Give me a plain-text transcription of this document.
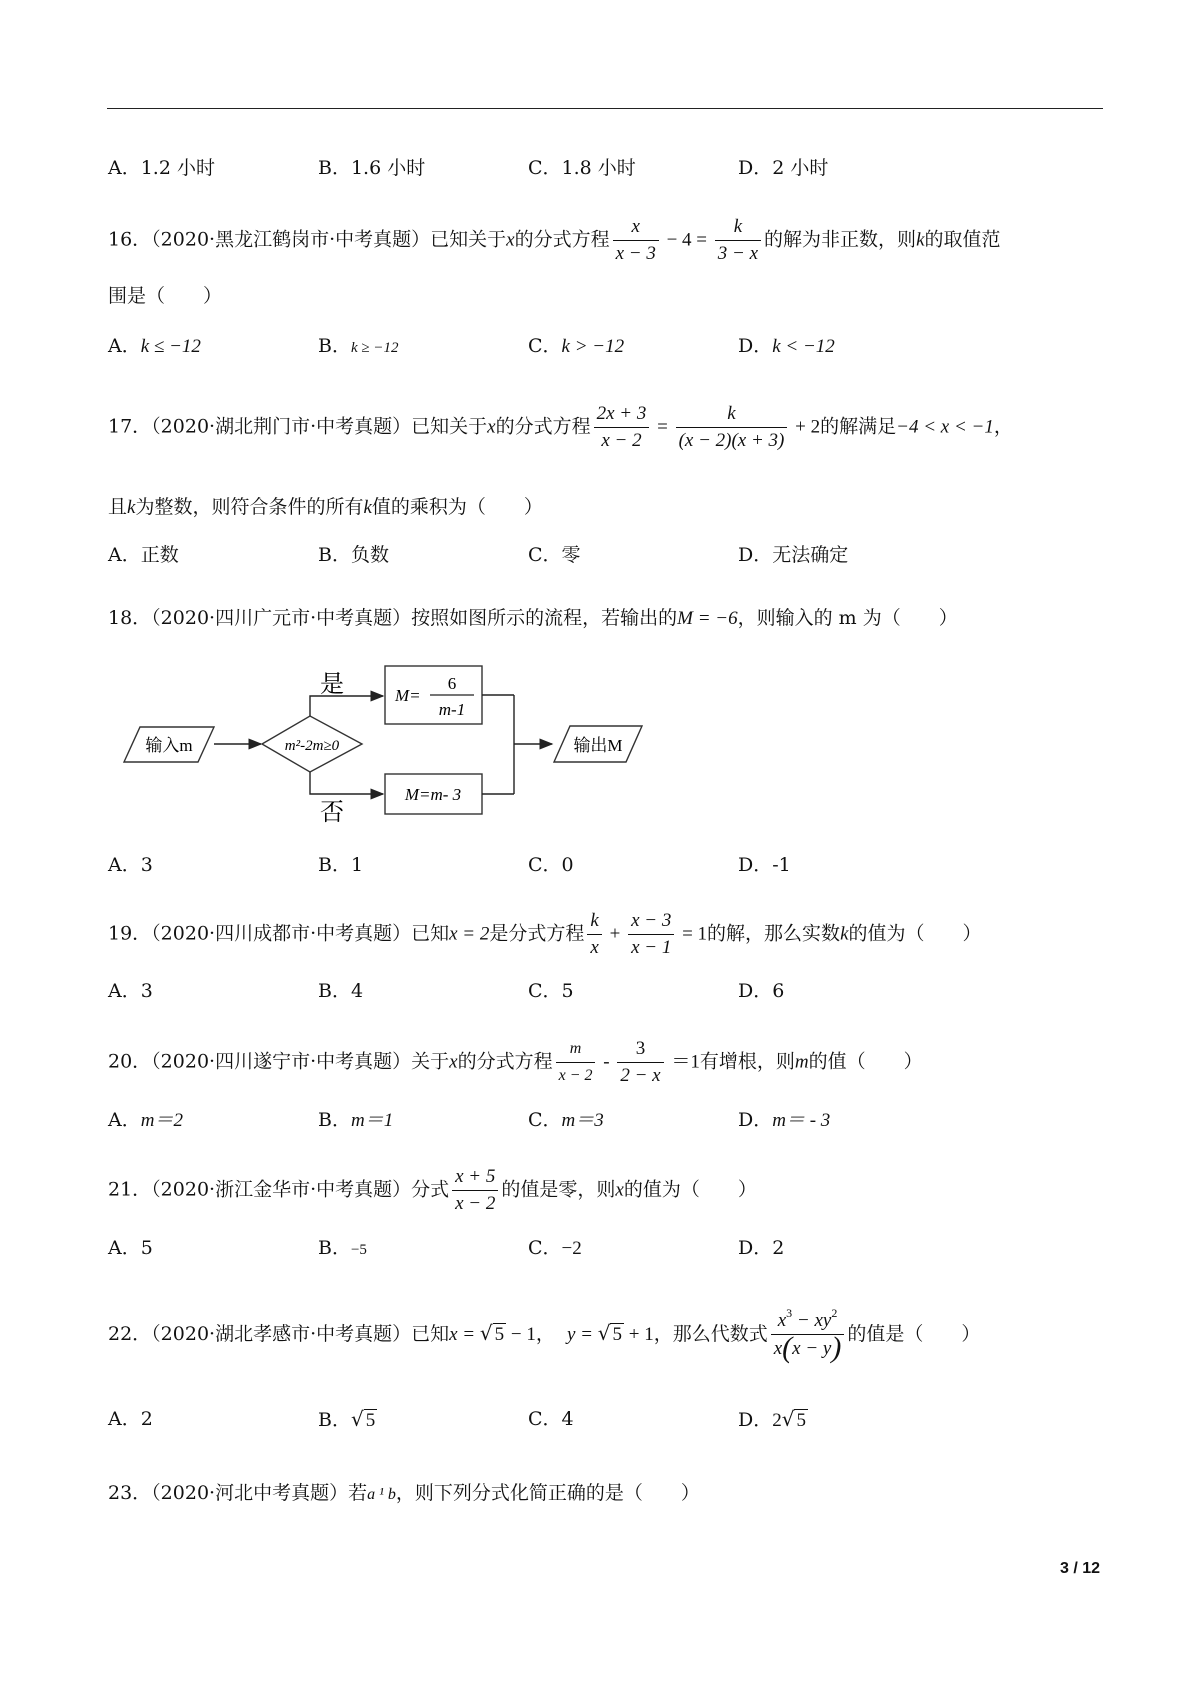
A．1.2 小时	B．1.6 小时	C．1.8 小时	D．2 小时
16．（2020·黑龙江鹤岗市·中考真题）已知关于x的分式方程 $\frac{x}{x - 3} - 4 = \frac{k}{3 - x}$ 的解为非正数，则k的取值范
围是（　　）
A．k ≤ −12	B．k ≥ −12	C．k > −12	D．k < −12
17．（2020·湖北荆门市·中考真题）已知关于x的分式方程 $\frac{2x + 3}{x - 2} = \frac{k}{(x - 2)(x + 3)} + 2$的解满足−4 < x < −1，
且k为整数，则符合条件的所有k值的乘积为（　　）
A．正数	B．负数	C．零	D．无法确定
18．（2020·四川广元市·中考真题）按照如图所示的流程，若输出的M = −6，则输入的 m 为（　　）
输入m	m²-2m≥0
是	M=
6
m-1
否
M=m- 3
输出M
A．3	B．1	C．0	D．-1
19．（2020·四川成都市·中考真题）已知x = 2是分式方程 $\frac{k}{x} + \frac{x - 3}{x - 1} = 1$的解，那么实数k的值为（　　）
A．3	B．4	C．5	D．6
20．（2020·四川遂宁市·中考真题）关于x的分式方程 $\frac{m}{x - 2} - \frac{3}{2 - x} =1$有增根，则m的值（　　）
A．m＝2	B．m＝1	C．m＝3	D．m＝ - 3
21．（2020·浙江金华市·中考真题）分式 $\frac{x + 5}{x - 2}$ 的值是零，则x的值为（　　）
A．5	B．−5	C．−2	D．2
22．（2020·湖北孝感市·中考真题）已知x = √ 5 − 1， y = √ 5 + 1，那么代数式 $\frac{x^3 - xy^2}{x(x - y)}$ 的值是（　　）
A．2	B．√ 5	C．4	D．2√ 5
23．（2020·河北中考真题）若a ¹ b，则下列分式化简正确的是（　　）
3 / 12
